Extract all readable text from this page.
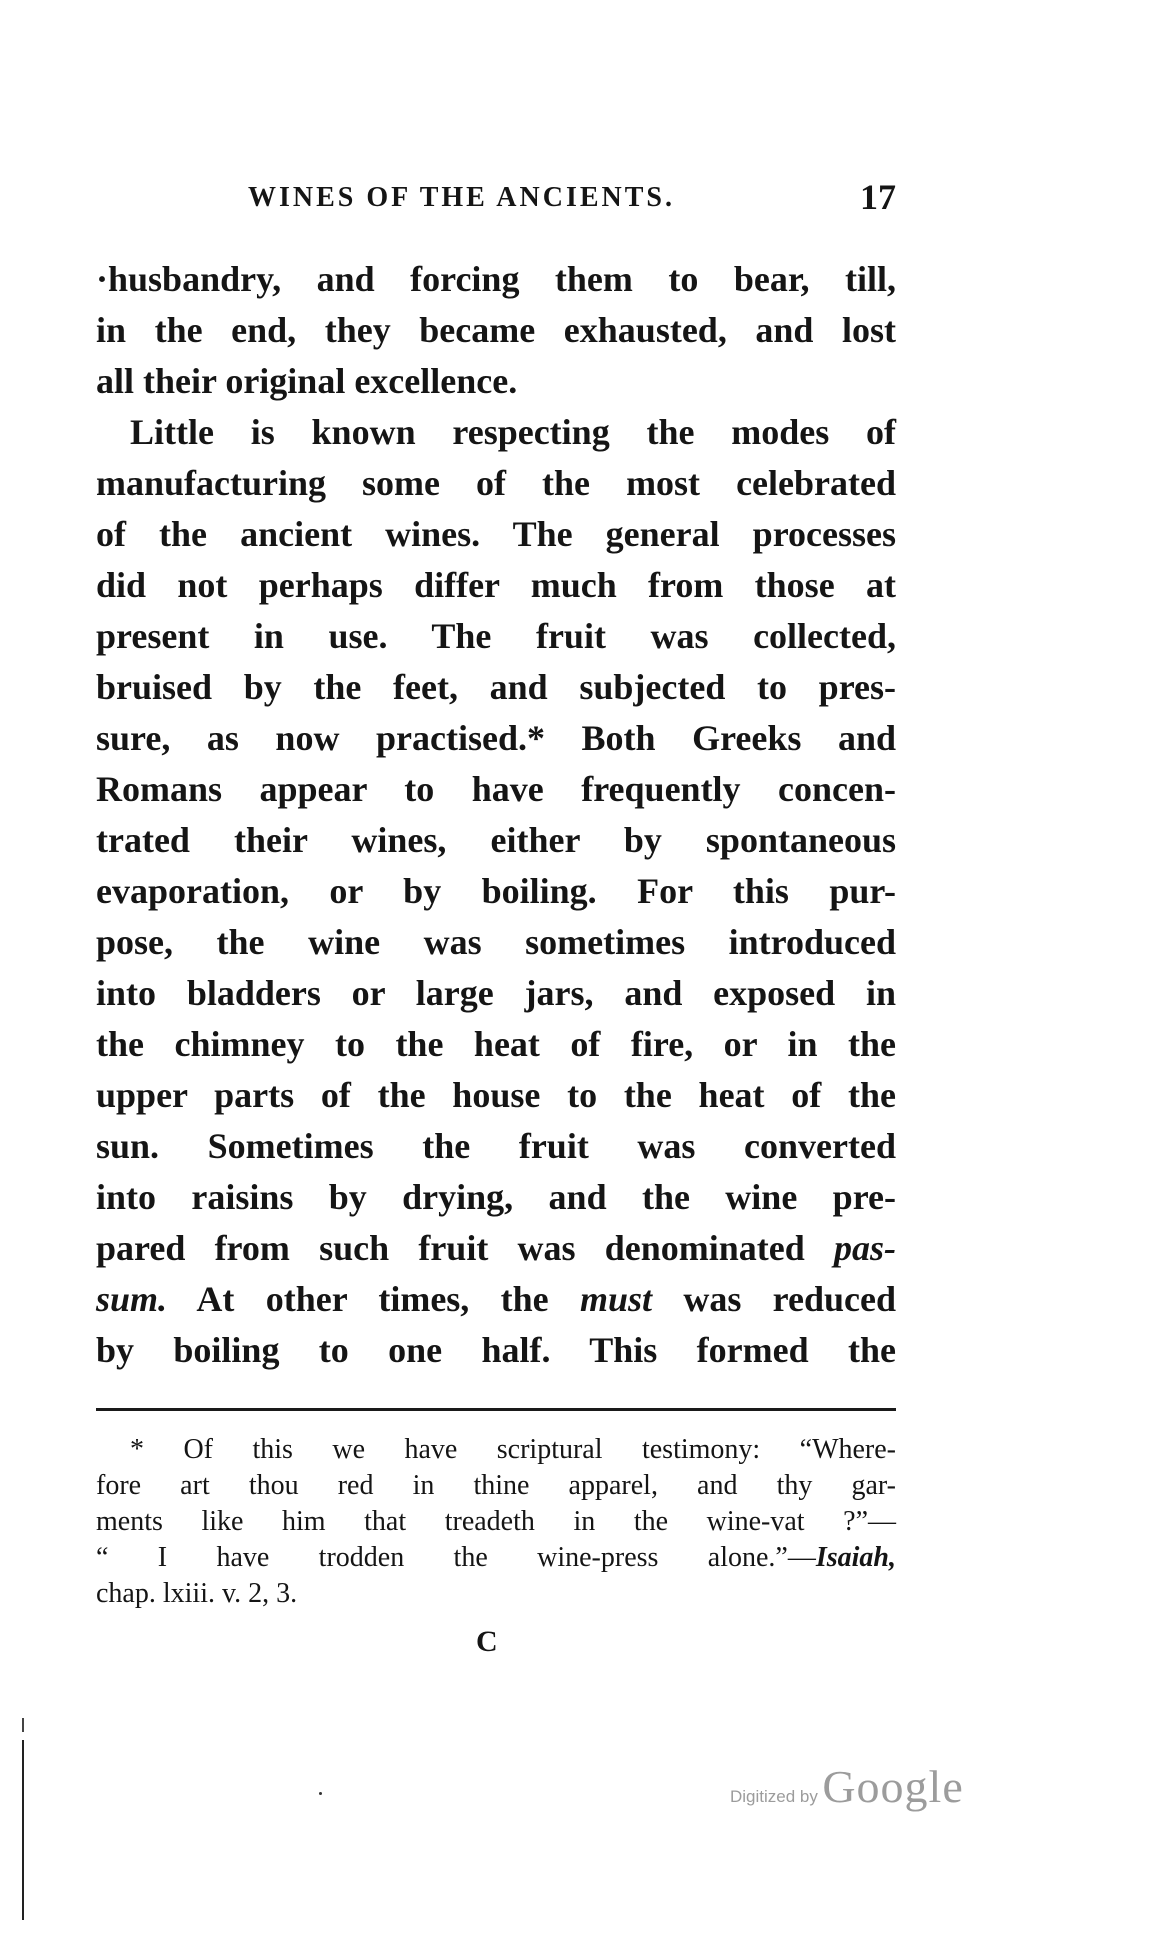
WINES OF THE ANCIENTS.	17
·husbandry, and forcing them to bear, till,
in the end, they became exhausted, and lost
all their original excellence.
Little is known respecting the modes of
manufacturing some of the most celebrated
of the ancient wines. The general processes
did not perhaps differ much from those at
present in use. The fruit was collected,
bruised by the feet, and subjected to pres-
sure, as now practised.* Both Greeks and
Romans appear to have frequently concen-
trated their wines, either by spontaneous
evaporation, or by boiling. For this pur-
pose, the wine was sometimes introduced
into bladders or large jars, and exposed in
the chimney to the heat of fire, or in the
upper parts of the house to the heat of the
sun. Sometimes the fruit was converted
into raisins by drying, and the wine pre-
pared from such fruit was denominated pas-
sum. At other times, the must was reduced
by boiling to one half. This formed the
* Of this we have scriptural testimony: “Where-
fore art thou red in thine apparel, and thy gar-
ments like him that treadeth in the wine-vat ?”—
“ I have trodden the wine-press alone.”—Isaiah,
chap. lxiii. v. 2, 3.
C
Digitized by Google
